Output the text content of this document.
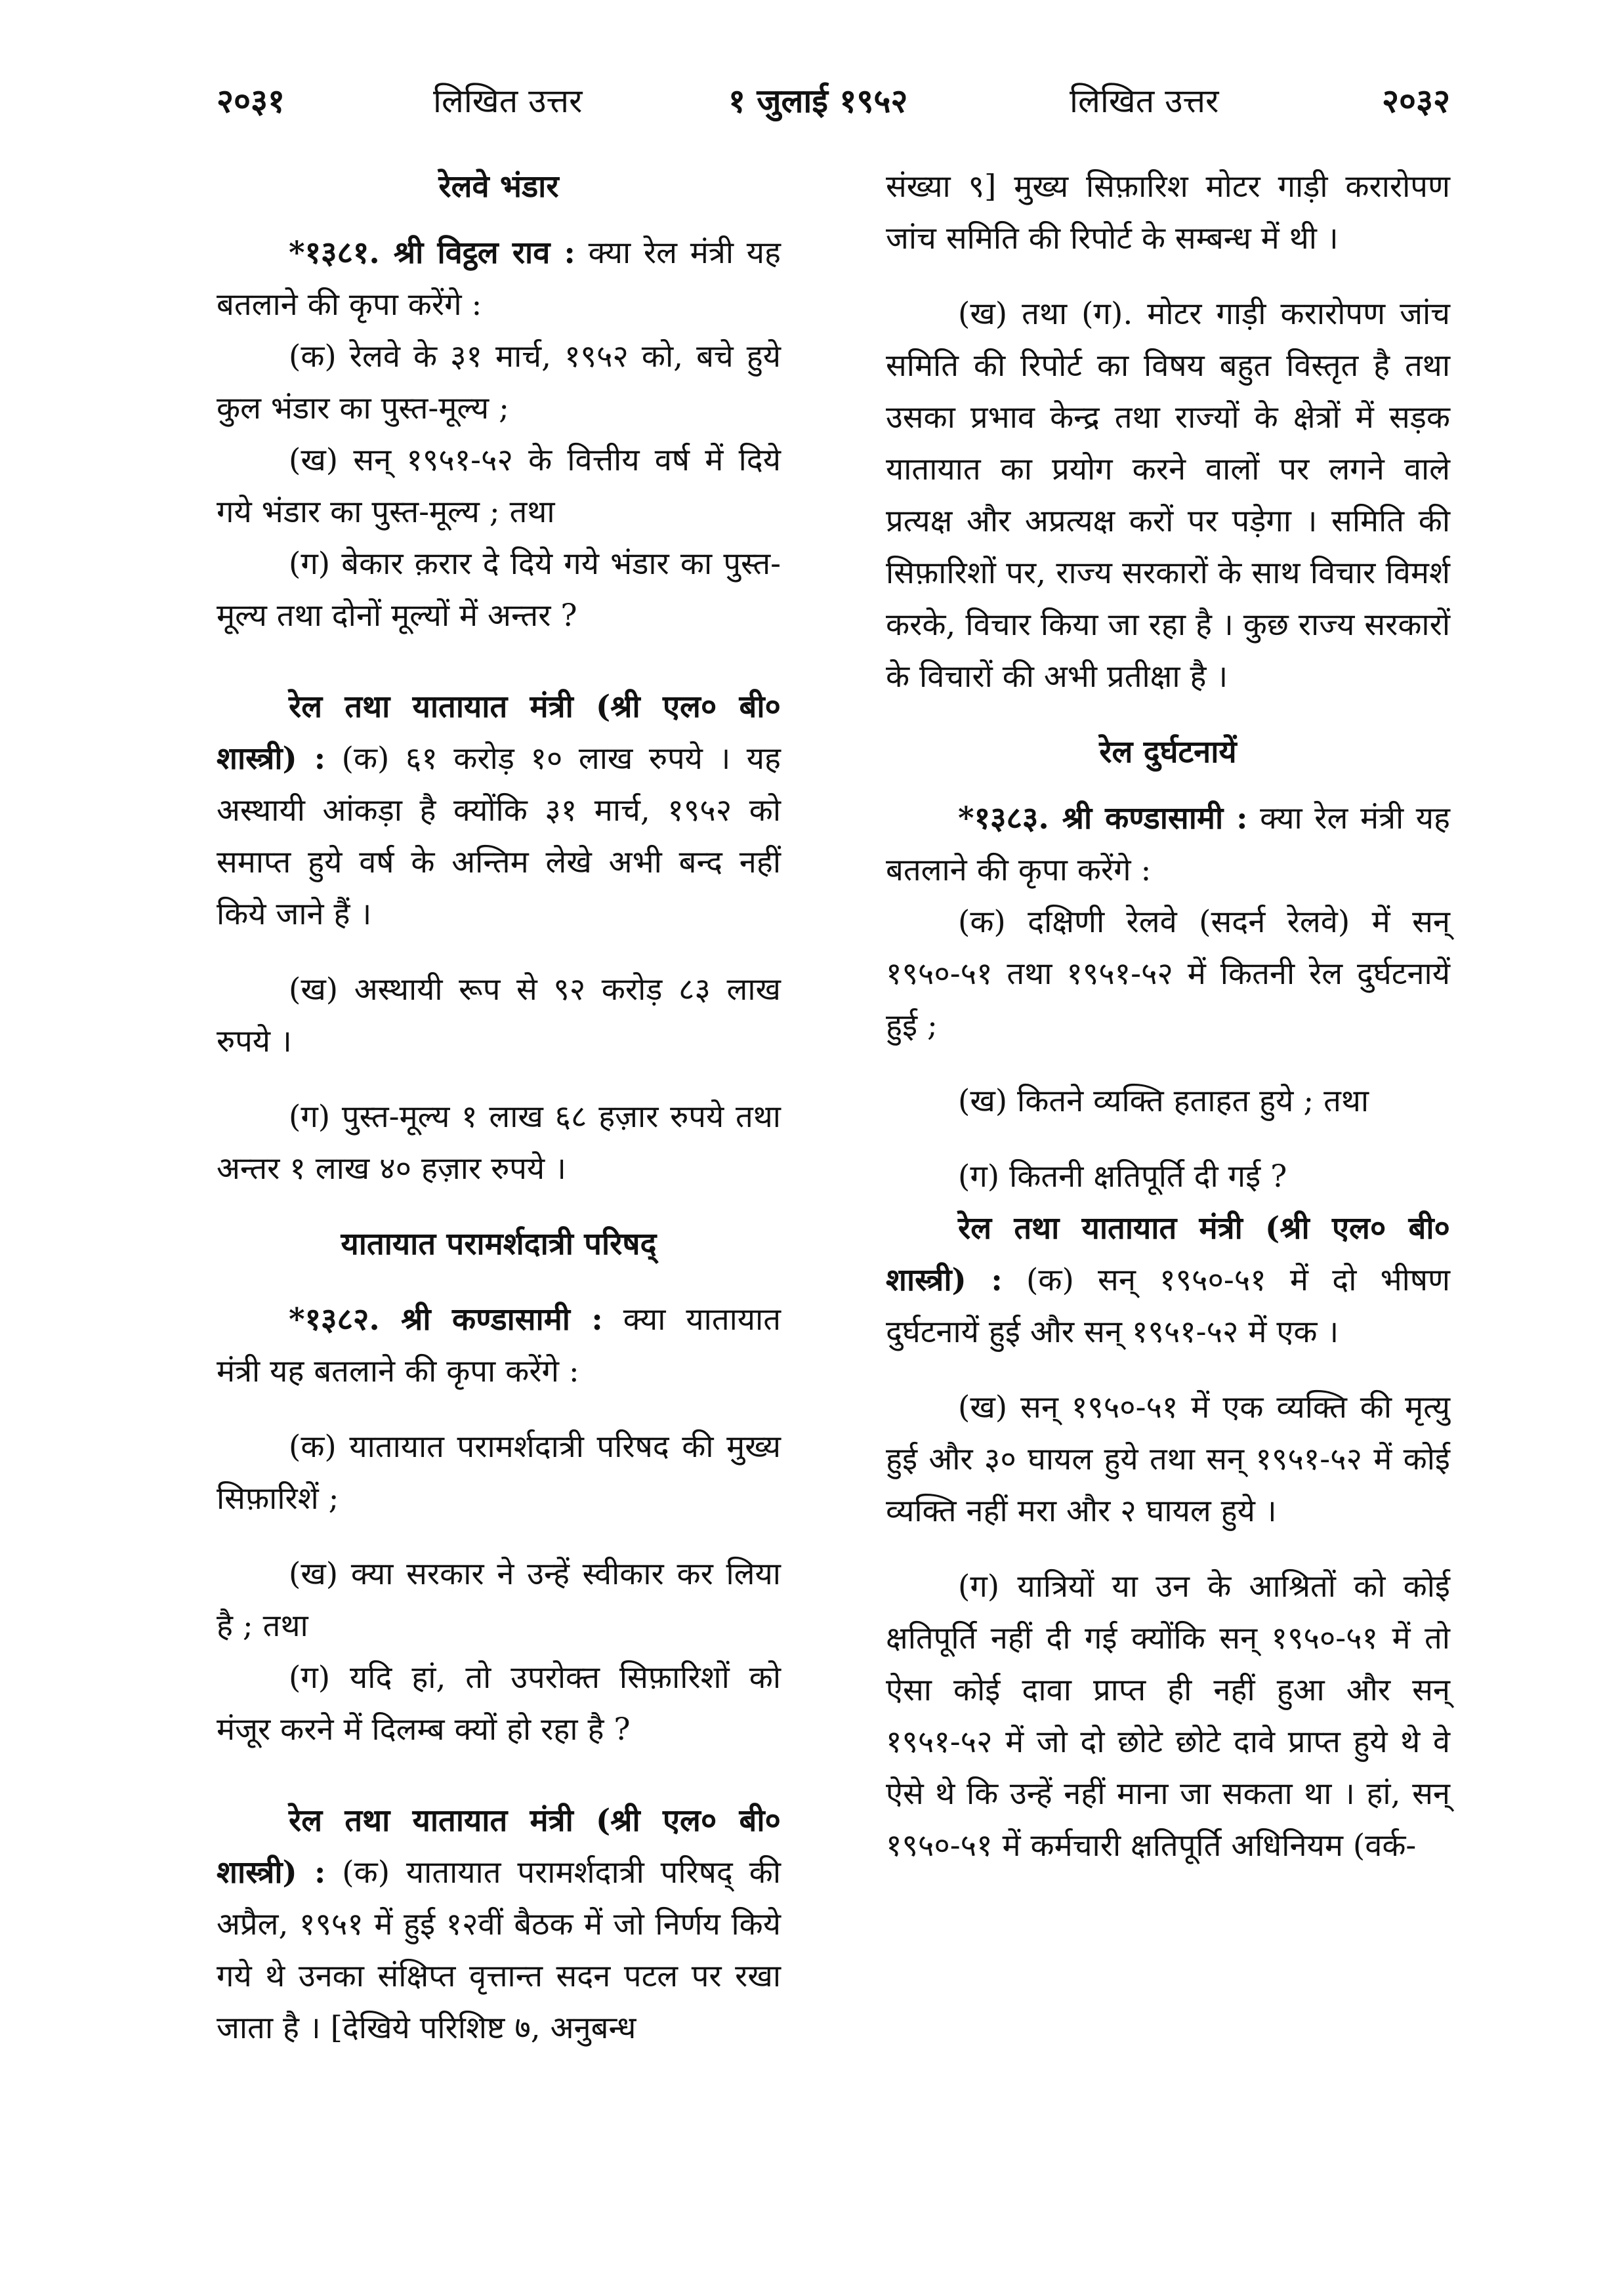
२०३१	लिखित उत्तर	१ जुलाई १९५२	लिखित उत्तर	२०३२

रेलवे भंडार

*१३८१. श्री विट्ठल राव : क्या रेल मंत्री यह बतलाने की कृपा करेंगे :

(क) रेलवे के ३१ मार्च, १९५२ को, बचे हुये कुल भंडार का पुस्त-मूल्य ;

(ख) सन् १९५१-५२ के वित्तीय वर्ष में दिये गये भंडार का पुस्त-मूल्य ; तथा

(ग) बेकार क़रार दे दिये गये भंडार का पुस्त-मूल्य तथा दोनों मूल्यों में अन्तर ?

रेल तथा यातायात मंत्री (श्री एल० बी० शास्त्री) : (क) ६१ करोड़ १० लाख रुपये । यह अस्थायी आंकड़ा है क्योंकि ३१ मार्च, १९५२ को समाप्त हुये वर्ष के अन्तिम लेखे अभी बन्द नहीं किये जाने हैं ।

(ख) अस्थायी रूप से ९२ करोड़ ८३ लाख रुपये ।

(ग) पुस्त-मूल्य १ लाख ६८ हज़ार रुपये तथा अन्तर १ लाख ४० हज़ार रुपये ।

यातायात परामर्शदात्री परिषद्

*१३८२. श्री कण्डासामी : क्या यातायात मंत्री यह बतलाने की कृपा करेंगे :

(क) यातायात परामर्शदात्री परिषद की मुख्य सिफ़ारिशें ;

(ख) क्या सरकार ने उन्हें स्वीकार कर लिया है ; तथा

(ग) यदि हां, तो उपरोक्त सिफ़ारिशों को मंजूर करने में दिलम्ब क्यों हो रहा है ?

रेल तथा यातायात मंत्री (श्री एल० बी० शास्त्री) : (क) यातायात परामर्शदात्री परिषद् की अप्रैल, १९५१ में हुई १२वीं बैठक में जो निर्णय किये गये थे उनका संक्षिप्त वृत्तान्त सदन पटल पर रखा जाता है । [देखिये परिशिष्ट ७, अनुबन्ध

संख्या ९] मुख्य सिफ़ारिश मोटर गाड़ी करारोपण जांच समिति की रिपोर्ट के सम्बन्ध में थी ।

(ख) तथा (ग). मोटर गाड़ी करारोपण जांच समिति की रिपोर्ट का विषय बहुत विस्तृत है तथा उसका प्रभाव केन्द्र तथा राज्यों के क्षेत्रों में सड़क यातायात का प्रयोग करने वालों पर लगने वाले प्रत्यक्ष और अप्रत्यक्ष करों पर पड़ेगा । समिति की सिफ़ारिशों पर, राज्य सरकारों के साथ विचार विमर्श करके, विचार किया जा रहा है । कुछ राज्य सरकारों के विचारों की अभी प्रतीक्षा है ।

रेल दुर्घटनायें

*१३८३. श्री कण्डासामी : क्या रेल मंत्री यह बतलाने की कृपा करेंगे :

(क) दक्षिणी रेलवे (सदर्न रेलवे) में सन् १९५०-५१ तथा १९५१-५२ में कितनी रेल दुर्घटनायें हुई ;

(ख) कितने व्यक्ति हताहत हुये ; तथा

(ग) कितनी क्षतिपूर्ति दी गई ?

रेल तथा यातायात मंत्री (श्री एल० बी० शास्त्री) : (क) सन् १९५०-५१ में दो भीषण दुर्घटनायें हुई और सन् १९५१-५२ में एक ।

(ख) सन् १९५०-५१ में एक व्यक्ति की मृत्यु हुई और ३० घायल हुये तथा सन् १९५१-५२ में कोई व्यक्ति नहीं मरा और २ घायल हुये ।

(ग) यात्रियों या उन के आश्रितों को कोई क्षतिपूर्ति नहीं दी गई क्योंकि सन् १९५०-५१ में तो ऐसा कोई दावा प्राप्त ही नहीं हुआ और सन् १९५१-५२ में जो दो छोटे छोटे दावे प्राप्त हुये थे वे ऐसे थे कि उन्हें नहीं माना जा सकता था । हां, सन् १९५०-५१ में कर्मचारी क्षतिपूर्ति अधिनियम (वर्क-
